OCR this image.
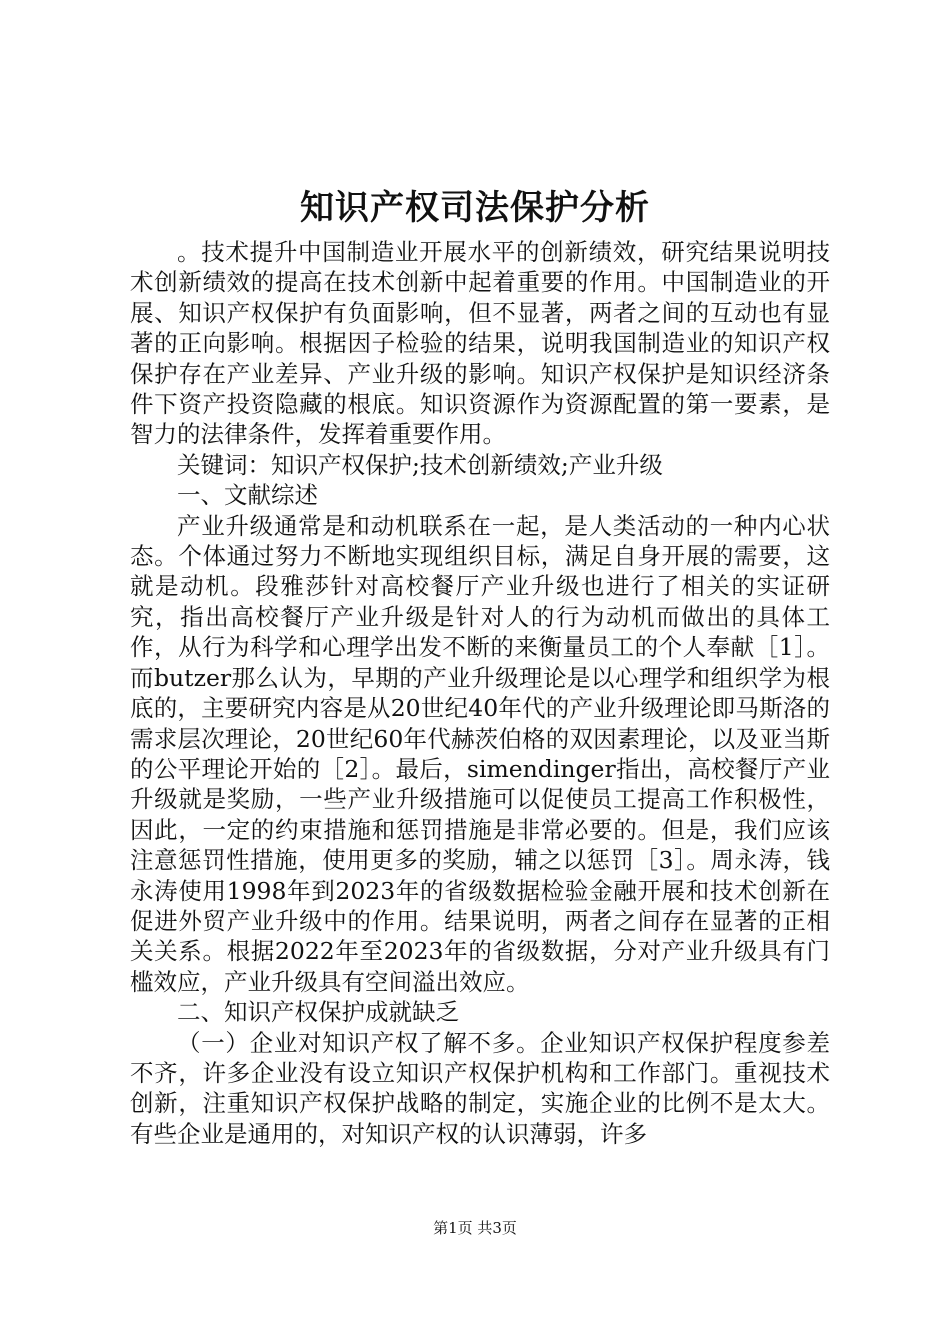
知识产权司法保护分析

。技术提升中国制造业开展水平的创新绩效，研究结果说明技术创新绩效的提高在技术创新中起着重要的作用。中国制造业的开展、知识产权保护有负面影响，但不显著，两者之间的互动也有显著的正向影响。根据因子检验的结果，说明我国制造业的知识产权保护存在产业差异、产业升级的影响。知识产权保护是知识经济条件下资产投资隐藏的根底。知识资源作为资源配置的第一要素，是智力的法律条件，发挥着重要作用。

关键词：知识产权保护;技术创新绩效;产业升级

一、文献综述

产业升级通常是和动机联系在一起，是人类活动的一种内心状态。个体通过努力不断地实现组织目标，满足自身开展的需要，这就是动机。段雅莎针对高校餐厅产业升级也进行了相关的实证研究，指出高校餐厅产业升级是针对人的行为动机而做出的具体工作，从行为科学和心理学出发不断的来衡量员工的个人奉献［1］。而butzer那么认为，早期的产业升级理论是以心理学和组织学为根底的，主要研究内容是从20世纪40年代的产业升级理论即马斯洛的需求层次理论，20世纪60年代赫茨伯格的双因素理论，以及亚当斯的公平理论开始的［2］。最后，simendinger指出，高校餐厅产业升级就是奖励，一些产业升级措施可以促使员工提高工作积极性，因此，一定的约束措施和惩罚措施是非常必要的。但是，我们应该注意惩罚性措施，使用更多的奖励，辅之以惩罚［3］。周永涛，钱永涛使用1998年到2023年的省级数据检验金融开展和技术创新在促进外贸产业升级中的作用。结果说明，两者之间存在显著的正相关关系。根据2022年至2023年的省级数据，分对产业升级具有门槛效应，产业升级具有空间溢出效应。

二、知识产权保护成就缺乏

（一）企业对知识产权了解不多。企业知识产权保护程度参差不齐，许多企业没有设立知识产权保护机构和工作部门。重视技术创新，注重知识产权保护战略的制定，实施企业的比例不是太大。有些企业是通用的，对知识产权的认识薄弱，许多

第1页 共3页
